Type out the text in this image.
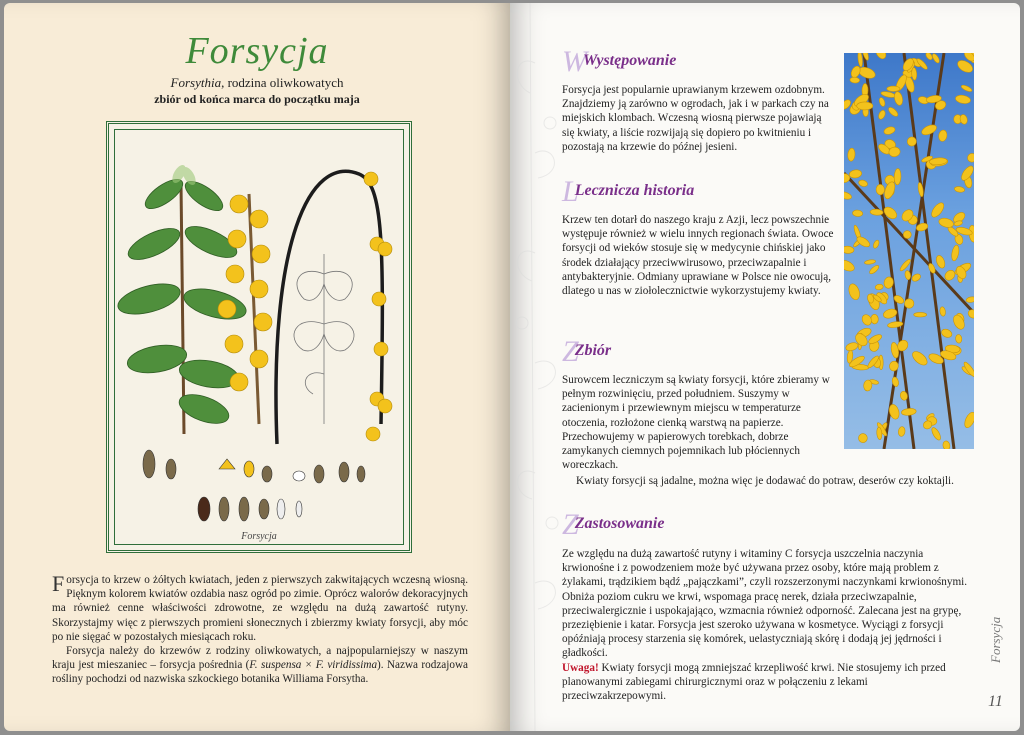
Forsycja

Forsythia, rodzina oliwkowatych

zbiór od końca marca do początku maja

Forsycja

Forsycja to krzew o żółtych kwiatach, jeden z pierwszych zakwitających wczesną wiosną. Pięknym kolorem kwiatów ozdabia nasz ogród po zimie. Oprócz walorów dekoracyjnych ma również cenne właściwości zdrowotne, ze względu na dużą zawartość rutyny. Skorzystajmy więc z pierwszych promieni słonecznych i zbierzmy kwiaty forsycji, aby móc po nie sięgać w pozostałych miesiącach roku.

Forsycja należy do krzewów z rodziny oliwkowatych, a najpopularniejszy w naszym kraju jest mieszaniec – forsycja pośrednia (F. suspensa × F. viridissima). Nazwa rodzajowa rośliny pochodzi od nazwiska szkockiego botanika Williama Forsytha.

WWystępowanie

Forsycja jest popularnie uprawianym krzewem ozdobnym. Znajdziemy ją zarówno w ogrodach, jak i w parkach czy na miejskich klombach. Wczesną wiosną pierwsze pojawiają się kwiaty, a liście rozwijają się dopiero po kwitnieniu i pozostają na krzewie do późnej jesieni.

LLecznicza historia

Krzew ten dotarł do naszego kraju z Azji, lecz powszechnie występuje również w wielu innych regionach świata. Owoce forsycji od wieków stosuje się w medycynie chińskiej jako środek działający przeciwwirusowo, przeciwzapalnie i antybakteryjnie. Odmiany uprawiane w Polsce nie owocują, dlatego u nas w ziołolecznictwie wykorzystujemy kwiaty.

ZZbiór

Surowcem leczniczym są kwiaty forsycji, które zbieramy w pełnym rozwinięciu, przed południem. Suszymy w zacienionym i przewiewnym miejscu w temperaturze otoczenia, rozłożone cienką warstwą na papierze. Przechowujemy w papierowych torebkach, dobrze zamykanych ciemnych pojemnikach lub płóciennych woreczkach.

Kwiaty forsycji są jadalne, można więc je dodawać do potraw, deserów czy koktajli.

ZZastosowanie

Ze względu na dużą zawartość rutyny i witaminy C forsycja uszczelnia naczynia krwionośne i z powodzeniem może być używana przez osoby, które mają problem z żylakami, trądzikiem bądź „pajączkami”, czyli rozszerzonymi naczynkami krwionośnymi. Obniża poziom cukru we krwi, wspomaga pracę nerek, działa przeciwzapalnie, przeciwalergicznie i uspokajająco, wzmacnia również odporność. Zalecana jest na grypę, przeziębienie i katar. Forsycja jest szeroko używana w kosmetyce. Wyciągi z forsycji opóźniają procesy starzenia się komórek, uelastyczniają skórę i dodają jej jędrności i gładkości.

Uwaga! Kwiaty forsycji mogą zmniejszać krzepliwość krwi. Nie stosujemy ich przed planowanymi zabiegami chirurgicznymi oraz w połączeniu z lekami przeciwzakrzepowymi.

Forsycja
11
